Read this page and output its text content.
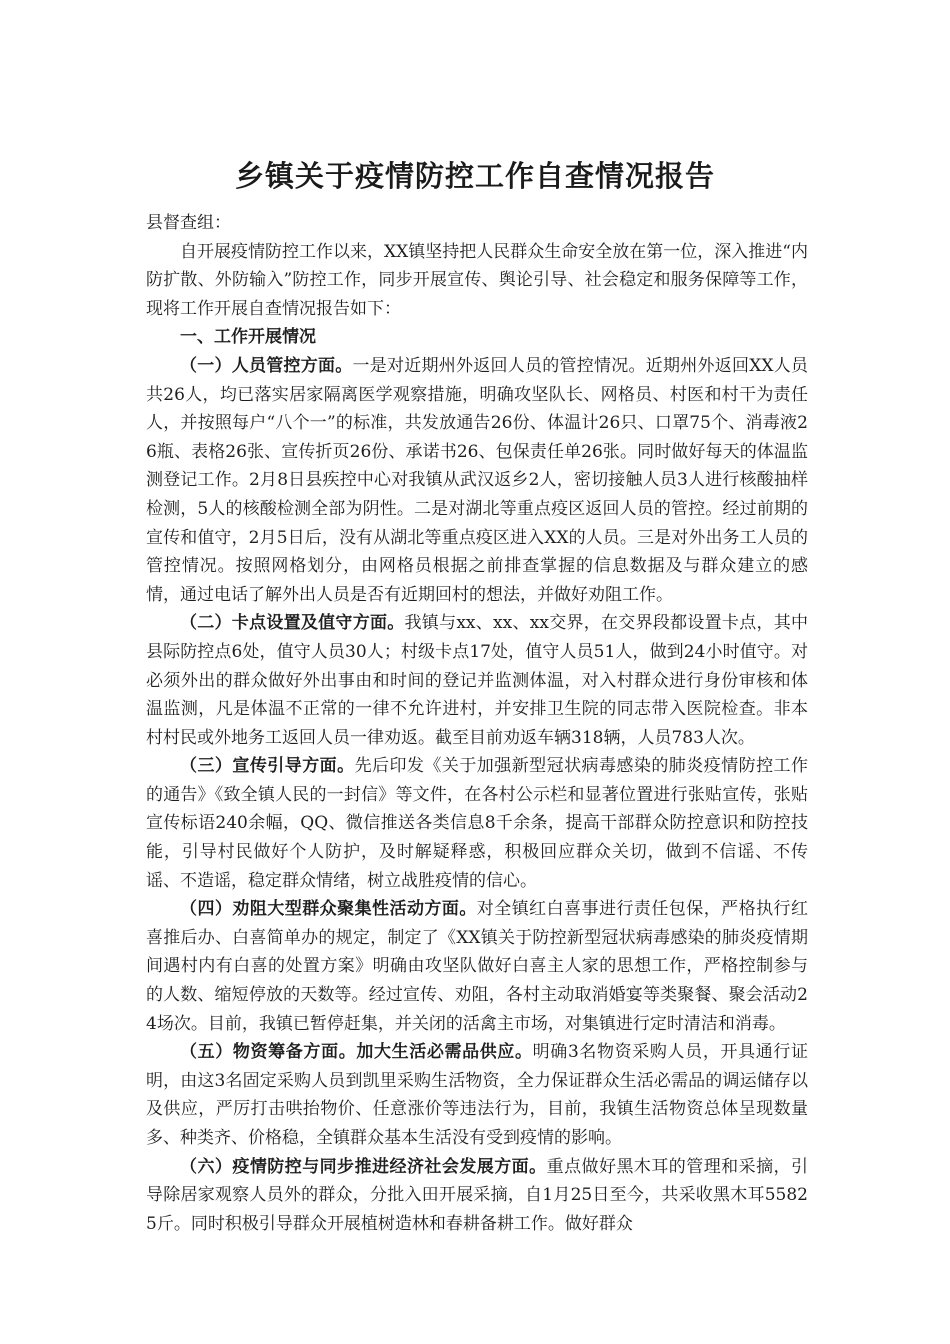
乡镇关于疫情防控工作自查情况报告

县督查组：

自开展疫情防控工作以来，XX镇坚持把人民群众生命安全放在第一位，深入推进“内防扩散、外防输入”防控工作，同步开展宣传、舆论引导、社会稳定和服务保障等工作，现将工作开展自查情况报告如下：

一、工作开展情况

（一）人员管控方面。一是对近期州外返回人员的管控情况。近期州外返回XX人员共26人，均已落实居家隔离医学观察措施，明确攻坚队长、网格员、村医和村干为责任人，并按照每户“八个一”的标准，共发放通告26份、体温计26只、口罩75个、消毒液26瓶、表格26张、宣传折页26份、承诺书26、包保责任单26张。同时做好每天的体温监测登记工作。2月8日县疾控中心对我镇从武汉返乡2人，密切接触人员3人进行核酸抽样检测，5人的核酸检测全部为阴性。二是对湖北等重点疫区返回人员的管控。经过前期的宣传和值守，2月5日后，没有从湖北等重点疫区进入XX的人员。三是对外出务工人员的管控情况。按照网格划分，由网格员根据之前排查掌握的信息数据及与群众建立的感情，通过电话了解外出人员是否有近期回村的想法，并做好劝阻工作。

（二）卡点设置及值守方面。我镇与xx、xx、xx交界，在交界段都设置卡点，其中县际防控点6处，值守人员30人；村级卡点17处，值守人员51人，做到24小时值守。对必须外出的群众做好外出事由和时间的登记并监测体温，对入村群众进行身份审核和体温监测，凡是体温不正常的一律不允许进村，并安排卫生院的同志带入医院检查。非本村村民或外地务工返回人员一律劝返。截至目前劝返车辆318辆，人员783人次。

（三）宣传引导方面。先后印发《关于加强新型冠状病毒感染的肺炎疫情防控工作的通告》《致全镇人民的一封信》等文件，在各村公示栏和显著位置进行张贴宣传，张贴宣传标语240余幅，QQ、微信推送各类信息8千余条，提高干部群众防控意识和防控技能，引导村民做好个人防护，及时解疑释惑，积极回应群众关切，做到不信谣、不传谣、不造谣，稳定群众情绪，树立战胜疫情的信心。

（四）劝阻大型群众聚集性活动方面。对全镇红白喜事进行责任包保，严格执行红喜推后办、白喜简单办的规定，制定了《XX镇关于防控新型冠状病毒感染的肺炎疫情期间遇村内有白喜的处置方案》明确由攻坚队做好白喜主人家的思想工作，严格控制参与的人数、缩短停放的天数等。经过宣传、劝阻，各村主动取消婚宴等类聚餐、聚会活动24场次。目前，我镇已暂停赶集，并关闭的活禽主市场，对集镇进行定时清洁和消毒。

（五）物资筹备方面。加大生活必需品供应。明确3名物资采购人员，开具通行证明，由这3名固定采购人员到凯里采购生活物资，全力保证群众生活必需品的调运储存以及供应，严厉打击哄抬物价、任意涨价等违法行为，目前，我镇生活物资总体呈现数量多、种类齐、价格稳，全镇群众基本生活没有受到疫情的影响。

（六）疫情防控与同步推进经济社会发展方面。重点做好黑木耳的管理和采摘，引导除居家观察人员外的群众，分批入田开展采摘，自1月25日至今，共采收黑木耳55825斤。同时积极引导群众开展植树造林和春耕备耕工作。做好群众
